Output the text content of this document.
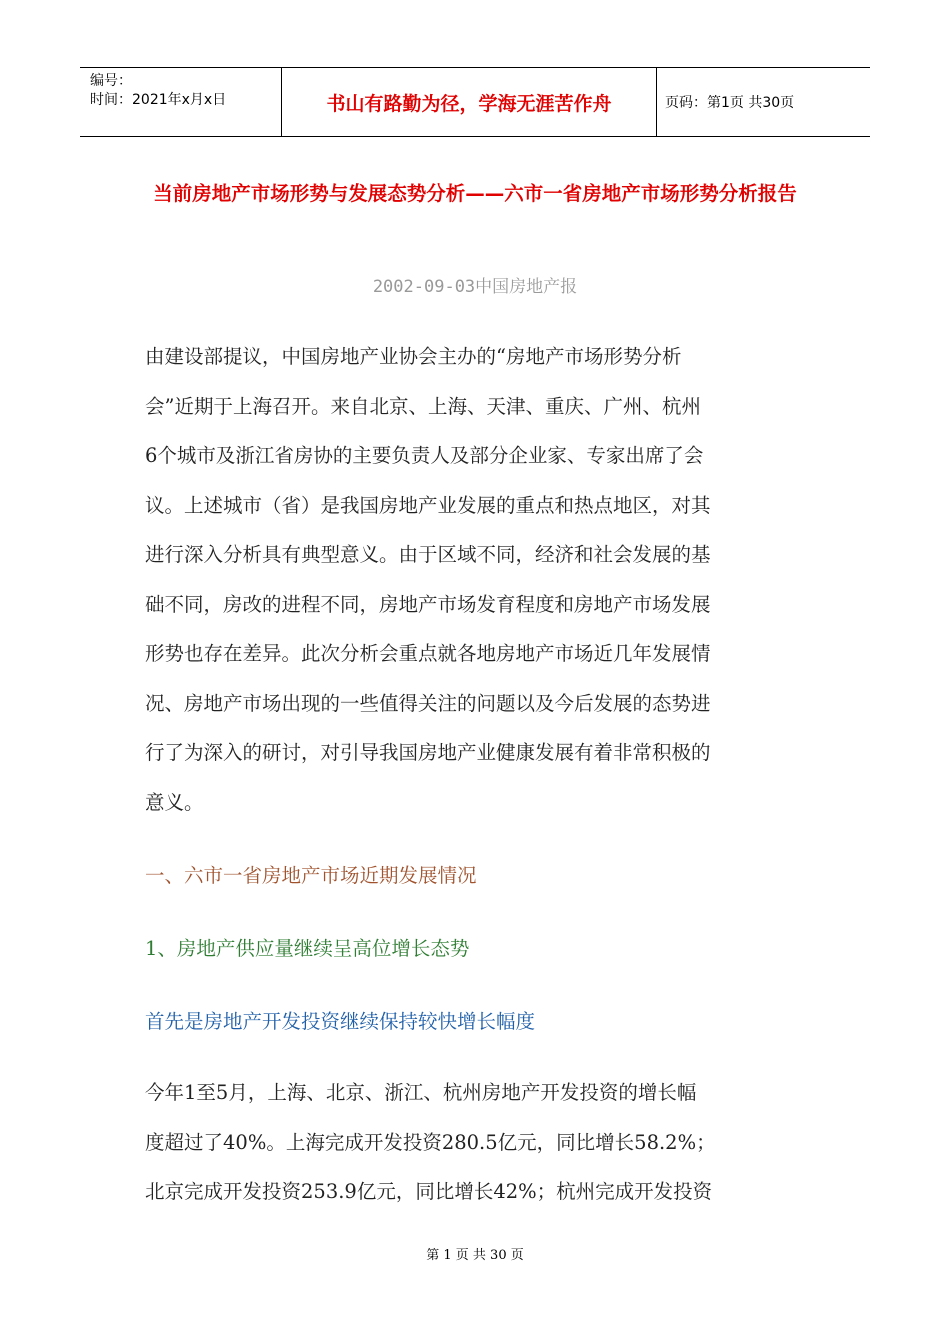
编号：
时间：2021年x月x日	书山有路勤为径，学海无涯苦作舟	页码：第1页 共30页
当前房地产市场形势与发展态势分析——六市一省房地产市场形势分析报告
2002-09-03中国房地产报
由建设部提议，中国房地产业协会主办的“房地产市场形势分析
会”近期于上海召开。来自北京、上海、天津、重庆、广州、杭州
6个城市及浙江省房协的主要负责人及部分企业家、专家出席了会
议。上述城市（省）是我国房地产业发展的重点和热点地区，对其
进行深入分析具有典型意义。由于区域不同，经济和社会发展的基
础不同，房改的进程不同，房地产市场发育程度和房地产市场发展
形势也存在差异。此次分析会重点就各地房地产市场近几年发展情
况、房地产市场出现的一些值得关注的问题以及今后发展的态势进
行了为深入的研讨，对引导我国房地产业健康发展有着非常积极的
意义。
一、六市一省房地产市场近期发展情况
1、房地产供应量继续呈高位增长态势
首先是房地产开发投资继续保持较快增长幅度
今年1至5月，上海、北京、浙江、杭州房地产开发投资的增长幅
度超过了40%。上海完成开发投资280.5亿元，同比增长58.2%；
北京完成开发投资253.9亿元，同比增长42%；杭州完成开发投资
第 1 页 共 30 页
